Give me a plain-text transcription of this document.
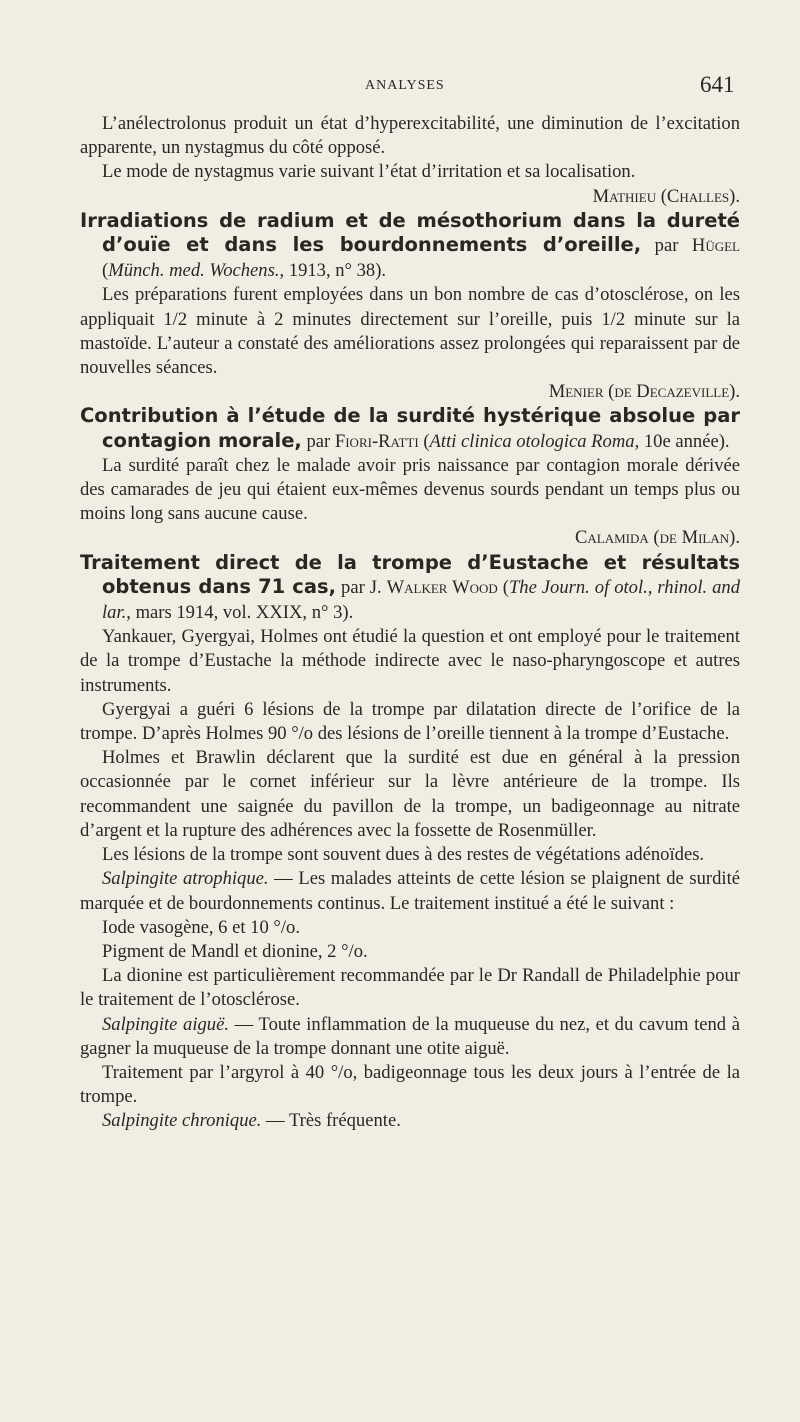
ANALYSES	641

L’anélectrolonus produit un état d’hyperexcitabilité, une diminution de l’excitation apparente, un nystagmus du côté opposé.

Le mode de nystagmus varie suivant l’état d’irritation et sa localisation.

Mathieu (Challes).

Irradiations de radium et de mésothorium dans la dureté d’ouïe et dans les bourdonnements d’oreille, par Hügel (Münch. med. Wochens., 1913, n° 38).

Les préparations furent employées dans un bon nombre de cas d’otosclérose, on les appliquait 1/2 minute à 2 minutes directement sur l’oreille, puis 1/2 minute sur la mastoïde. L’auteur a constaté des améliorations assez prolongées qui reparaissent par de nouvelles séances.

Menier (de Decazeville).

Contribution à l’étude de la surdité hystérique absolue par contagion morale, par Fiori-Ratti (Atti clinica otologica Roma, 10e année).

La surdité paraît chez le malade avoir pris naissance par contagion morale dérivée des camarades de jeu qui étaient eux-mêmes devenus sourds pendant un temps plus ou moins long sans aucune cause.

Calamida (de Milan).

Traitement direct de la trompe d’Eustache et résultats obtenus dans 71 cas, par J. Walker Wood (The Journ. of otol., rhinol. and lar., mars 1914, vol. XXIX, n° 3).

Yankauer, Gyergyai, Holmes ont étudié la question et ont employé pour le traitement de la trompe d’Eustache la méthode indirecte avec le naso-pharyngoscope et autres instruments.

Gyergyai a guéri 6 lésions de la trompe par dilatation directe de l’orifice de la trompe. D’après Holmes 90 °/o des lésions de l’oreille tiennent à la trompe d’Eustache.

Holmes et Brawlin déclarent que la surdité est due en général à la pression occasionnée par le cornet inférieur sur la lèvre antérieure de la trompe. Ils recommandent une saignée du pavillon de la trompe, un badigeonnage au nitrate d’argent et la rupture des adhérences avec la fossette de Rosenmüller.

Les lésions de la trompe sont souvent dues à des restes de végétations adénoïdes.

Salpingite atrophique. — Les malades atteints de cette lésion se plaignent de surdité marquée et de bourdonnements continus. Le traitement institué a été le suivant :

Iode vasogène, 6 et 10 °/o.

Pigment de Mandl et dionine, 2 °/o.

La dionine est particulièrement recommandée par le Dr Randall de Philadelphie pour le traitement de l’otosclérose.

Salpingite aiguë. — Toute inflammation de la muqueuse du nez, et du cavum tend à gagner la muqueuse de la trompe donnant une otite aiguë.

Traitement par l’argyrol à 40 °/o, badigeonnage tous les deux jours à l’entrée de la trompe.

Salpingite chronique. — Très fréquente.
